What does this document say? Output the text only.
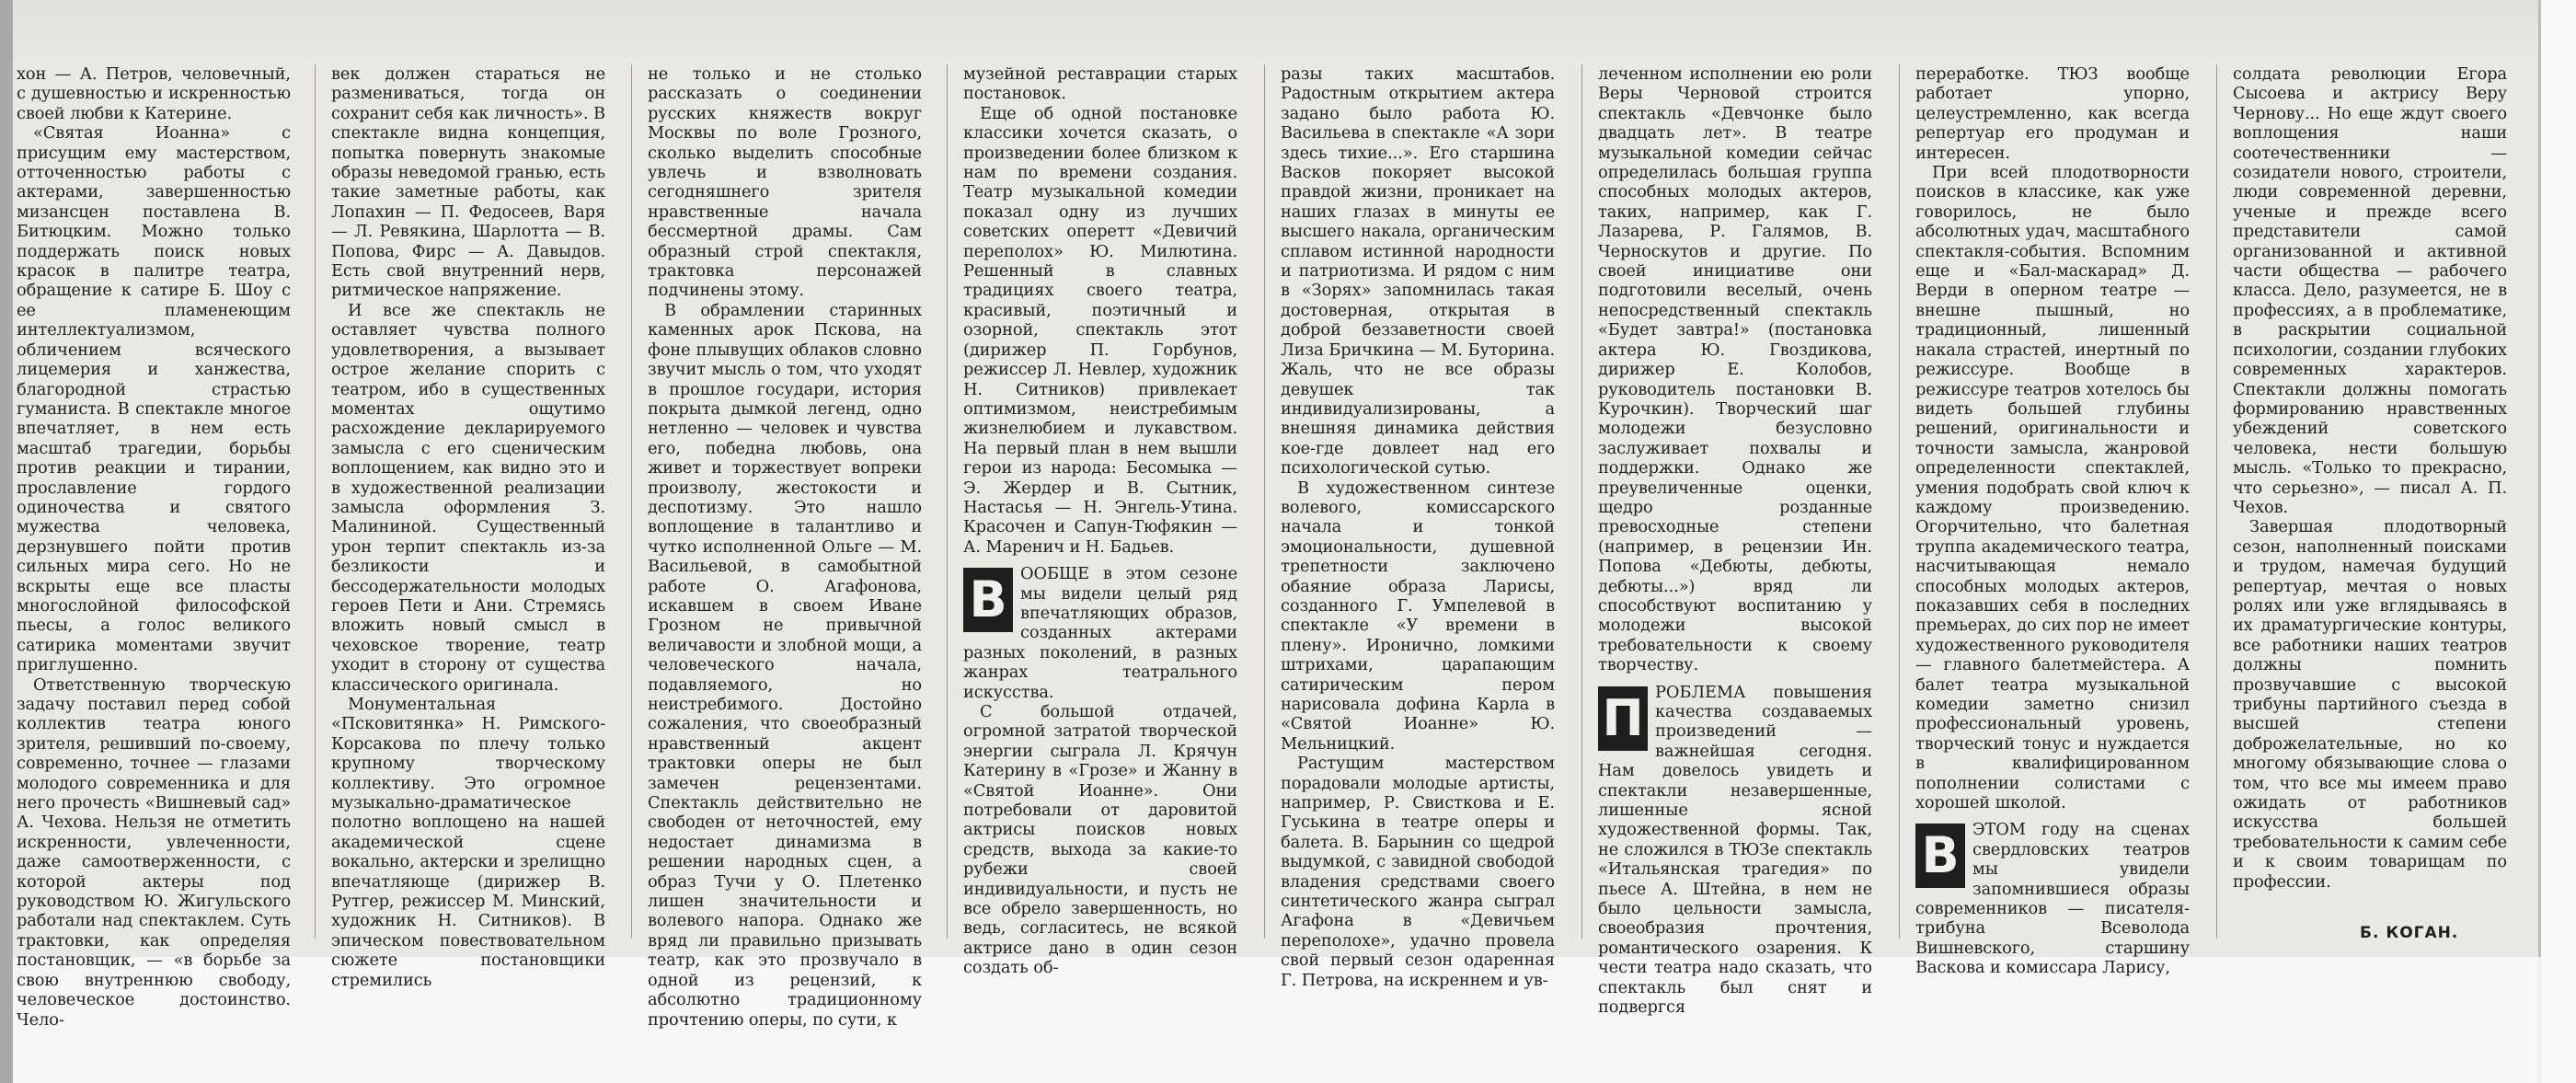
хон — А. Петров, человечный, с душевностью и искренностью своей любви к Катерине.

«Святая Иоанна» с присущим ему мастерством, отточенностью работы с актерами, завершенностью мизансцен поставлена В. Битюцким. Можно только поддержать поиск новых красок в палитре театра, обращение к сатире Б. Шоу с ее пламенеющим интеллектуализмом, обличением всяческого лицемерия и ханжества, благородной страстью гуманиста. В спектакле многое впечатляет, в нем есть масштаб трагедии, борьбы против реакции и тирании, прославление гордого одиночества и святого мужества человека, дерзнувшего пойти против сильных мира сего. Но не вскрыты еще все пласты многослойной философской пьесы, а голос великого сатирика моментами звучит приглушенно.

Ответственную творческую задачу поставил перед собой коллектив театра юного зрителя, решивший по-своему, современно, точнее — глазами молодого современника и для него прочесть «Вишневый сад» А. Чехова. Нельзя не отметить искренности, увлеченности, даже самоотверженности, с которой актеры под руководством Ю. Жигульского работали над спектаклем. Суть трактовки, как определяя постановщик, — «в борьбе за свою внутреннюю свободу, человеческое достоинство. Чело-

век должен стараться не размениваться, тогда он сохранит себя как личность». В спектакле видна концепция, попытка повернуть знакомые образы неведомой гранью, есть такие заметные работы, как Лопахин — П. Федосеев, Варя — Л. Ревякина, Шарлотта — В. Попова, Фирс — А. Давыдов. Есть свой внутренний нерв, ритмическое напряжение.

И все же спектакль не оставляет чувства полного удовлетворения, а вызывает острое желание спорить с театром, ибо в существенных моментах ощутимо расхождение декларируемого замысла с его сценическим воплощением, как видно это и в художественной реализации замысла оформления З. Малининой. Существенный урон терпит спектакль из-за безликости и бессодержательности молодых героев Пети и Ани. Стремясь вложить новый смысл в чеховское творение, театр уходит в сторону от существа классического оригинала.

Монументальная «Псковитянка» Н. Римского-Корсакова по плечу только крупному творческому коллективу. Это огромное музыкально-драматическое полотно воплощено на нашей академической сцене вокально, актерски и зрелищно впечатляюще (дирижер В. Рутгер, режиссер М. Минский, художник Н. Ситников). В эпическом повествовательном сюжете постановщики стремились

не только и не столько рассказать о соединении русских княжеств вокруг Москвы по воле Грозного, сколько выделить способные увлечь и взволновать сегодняшнего зрителя нравственные начала бессмертной драмы. Сам образный строй спектакля, трактовка персонажей подчинены этому.

В обрамлении старинных каменных арок Пскова, на фоне плывущих облаков словно звучит мысль о том, что уходят в прошлое государи, история покрыта дымкой легенд, одно нетленно — человек и чувства его, победна любовь, она живет и торжествует вопреки произволу, жестокости и деспотизму. Это нашло воплощение в талантливо и чутко исполненной Ольге — М. Васильевой, в самобытной работе О. Агафонова, искавшем в своем Иване Грозном не привычной величавости и злобной мощи, а человеческого начала, подавляемого, но неистребимого. Достойно сожаления, что своеобразный нравственный акцент трактовки оперы не был замечен рецензентами. Спектакль действительно не свободен от неточностей, ему недостает динамизма в решении народных сцен, а образ Тучи у О. Плетенко лишен значительности и волевого напора. Однако же вряд ли правильно призывать театр, как это прозвучало в одной из рецензий, к абсолютно традиционному прочтению оперы, по сути, к

музейной реставрации старых постановок.

Еще об одной постановке классики хочется сказать, о произведении более близком к нам по времени создания. Театр музыкальной комедии показал одну из лучших советских оперетт «Девичий переполох» Ю. Милютина. Решенный в славных традициях своего театра, красивый, поэтичный и озорной, спектакль этот (дирижер П. Горбунов, режиссер Л. Невлер, художник Н. Ситников) привлекает оптимизмом, неистребимым жизнелюбием и лукавством. На первый план в нем вышли герои из народа: Бесомыка — Э. Жердер и В. Сытник, Настасья — Н. Энгель-Утина. Красочен и Сапун-Тюфякин — А. Маренич и Н. Бадьев.

В ООБЩЕ в этом сезоне мы видели целый ряд впечатляющих образов, созданных актерами разных поколений, в разных жанрах театрального искусства.

С большой отдачей, огромной затратой творческой энергии сыграла Л. Крячун Катерину в «Грозе» и Жанну в «Святой Иоанне». Они потребовали от даровитой актрисы поисков новых средств, выхода за какие-то рубежи своей индивидуальности, и пусть не все обрело завершенность, но ведь, согласитесь, не всякой актрисе дано в один сезон создать об-

разы таких масштабов. Радостным открытием актера задано было работа Ю. Васильева в спектакле «А зори здесь тихие...». Его старшина Васков покоряет высокой правдой жизни, проникает на наших глазах в минуты ее высшего накала, органическим сплавом истинной народности и патриотизма. И рядом с ним в «Зорях» запомнилась такая достоверная, открытая в доброй беззаветности своей Лиза Бричкина — М. Буторина. Жаль, что не все образы девушек так индивидуализированы, а внешняя динамика действия кое-где довлеет над его психологической сутью.

В художественном синтезе волевого, комиссарского начала и тонкой эмоциональности, душевной трепетности заключено обаяние образа Ларисы, созданного Г. Умпелевой в спектакле «У времени в плену». Иронично, ломкими штрихами, царапающим сатирическим пером нарисовала дофина Карла в «Святой Иоанне» Ю. Мельницкий.

Растущим мастерством порадовали молодые артисты, например, Р. Свисткова и Е. Гуськина в театре оперы и балета. В. Барынин со щедрой выдумкой, с завидной свободой владения средствами своего синтетического жанра сыграл Агафона в «Девичьем переполохе», удачно провела свой первый сезон одаренная Г. Петрова, на искреннем и ув-

леченном исполнении ею роли Веры Черновой строится спектакль «Девчонке было двадцать лет». В театре музыкальной комедии сейчас определилась большая группа способных молодых актеров, таких, например, как Г. Лазарева, Р. Галямов, В. Черноскутов и другие. По своей инициативе они подготовили веселый, очень непосредственный спектакль «Будет завтра!» (постановка актера Ю. Гвоздикова, дирижер Е. Колобов, руководитель постановки В. Курочкин). Творческий шаг молодежи безусловно заслуживает похвалы и поддержки. Однако же преувеличенные оценки, щедро розданные превосходные степени (например, в рецензии Ин. Попова «Дебюты, дебюты, дебюты...») вряд ли способствуют воспитанию у молодежи высокой требовательности к своему творчеству.

П РОБЛЕМА повышения качества создаваемых произведений — важнейшая сегодня. Нам довелось увидеть и спектакли незавершенные, лишенные ясной художественной формы. Так, не сложился в ТЮЗе спектакль «Итальянская трагедия» по пьесе А. Штейна, в нем не было цельности замысла, своеобразия прочтения, романтического озарения. К чести театра надо сказать, что спектакль был снят и подвергся

переработке. ТЮЗ вообще работает упорно, целеустремленно, как всегда репертуар его продуман и интересен.

При всей плодотворности поисков в классике, как уже говорилось, не было абсолютных удач, масштабного спектакля-события. Вспомним еще и «Бал-маскарад» Д. Верди в оперном театре — внешне пышный, но традиционный, лишенный накала страстей, инертный по режиссуре. Вообще в режиссуре театров хотелось бы видеть большей глубины решений, оригинальности и точности замысла, жанровой определенности спектаклей, умения подобрать свой ключ к каждому произведению. Огорчительно, что балетная труппа академического театра, насчитывающая немало способных молодых актеров, показавших себя в последних премьерах, до сих пор не имеет художественного руководителя — главного балетмейстера. А балет театра музыкальной комедии заметно снизил профессиональный уровень, творческий тонус и нуждается в квалифицированном пополнении солистами с хорошей школой.

В ЭТОМ году на сценах свердловских театров мы увидели запомнившиеся образы современников — писателя-трибуна Всеволода Вишневского, старшину Васкова и комиссара Ларису,

солдата революции Егора Сысоева и актрису Веру Чернову... Но еще ждут своего воплощения наши соотечественники — созидатели нового, строители, люди современной деревни, ученые и прежде всего представители самой организованной и активной части общества — рабочего класса. Дело, разумеется, не в профессиях, а в проблематике, в раскрытии социальной психологии, создании глубоких современных характеров. Спектакли должны помогать формированию нравственных убеждений советского человека, нести большую мысль. «Только то прекрасно, что серьезно», — писал А. П. Чехов.

Завершая плодотворный сезон, наполненный поисками и трудом, намечая будущий репертуар, мечтая о новых ролях или уже вглядываясь в их драматургические контуры, все работники наших театров должны помнить прозвучавшие с высокой трибуны партийного съезда в высшей степени доброжелательные, но ко многому обязывающие слова о том, что все мы имеем право ожидать от работников искусства большей требовательности к самим себе и к своим товарищам по профессии.

Б. КОГАН.
